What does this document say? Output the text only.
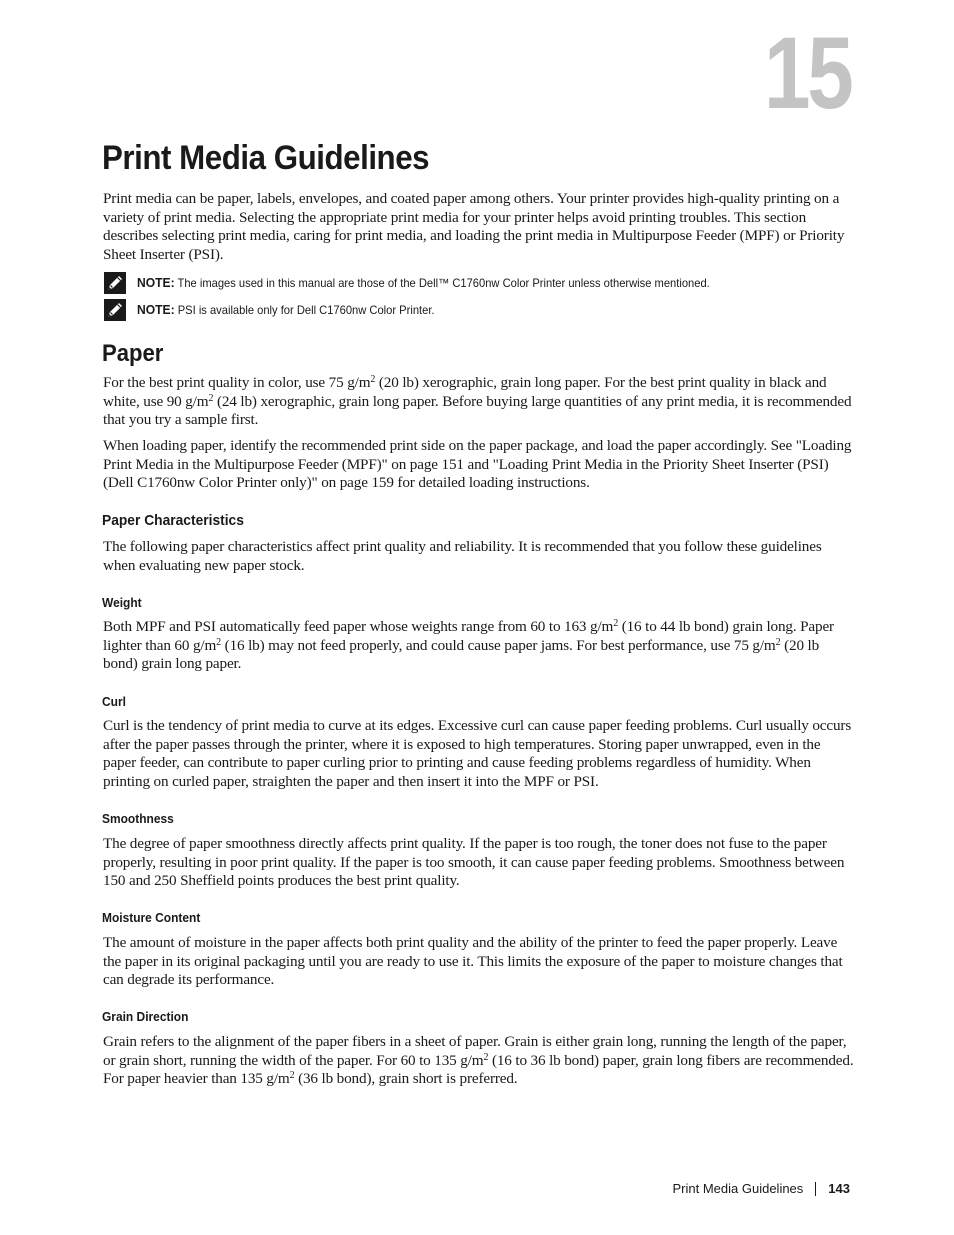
15
Print Media Guidelines

Print media can be paper, labels, envelopes, and coated paper among others. Your printer provides high-quality printing on a variety of print media. Selecting the appropriate print media for your printer helps avoid printing troubles. This section describes selecting print media, caring for print media, and loading the print media in Multipurpose Feeder (MPF) or Priority Sheet Inserter (PSI).

NOTE: The images used in this manual are those of the Dell™ C1760nw Color Printer unless otherwise mentioned.
NOTE: PSI is available only for Dell C1760nw Color Printer.
Paper

For the best print quality in color, use 75 $g/m^2$ (20 lb) xerographic, grain long paper. For the best print quality in black and white, use 90 $g/m^2$ (24 lb) xerographic, grain long paper. Before buying large quantities of any print media, it is recommended that you try a sample first.

When loading paper, identify the recommended print side on the paper package, and load the paper accordingly. See "Loading Print Media in the Multipurpose Feeder (MPF)" on page 151 and "Loading Print Media in the Priority Sheet Inserter (PSI) (Dell C1760nw Color Printer only)" on page 159 for detailed loading instructions.

Paper Characteristics

The following paper characteristics affect print quality and reliability. It is recommended that you follow these guidelines when evaluating new paper stock.

Weight

Both MPF and PSI automatically feed paper whose weights range from 60 to 163 $g/m^2$ (16 to 44 lb bond) grain long. Paper lighter than 60 $g/m^2$ (16 lb) may not feed properly, and could cause paper jams. For best performance, use 75 $g/m^2$ (20 lb bond) grain long paper.

Curl

Curl is the tendency of print media to curve at its edges. Excessive curl can cause paper feeding problems. Curl usually occurs after the paper passes through the printer, where it is exposed to high temperatures. Storing paper unwrapped, even in the paper feeder, can contribute to paper curling prior to printing and cause feeding problems regardless of humidity. When printing on curled paper, straighten the paper and then insert it into the MPF or PSI.

Smoothness

The degree of paper smoothness directly affects print quality. If the paper is too rough, the toner does not fuse to the paper properly, resulting in poor print quality. If the paper is too smooth, it can cause paper feeding problems. Smoothness between 150 and 250 Sheffield points produces the best print quality.

Moisture Content

The amount of moisture in the paper affects both print quality and the ability of the printer to feed the paper properly. Leave the paper in its original packaging until you are ready to use it. This limits the exposure of the paper to moisture changes that can degrade its performance.

Grain Direction

Grain refers to the alignment of the paper fibers in a sheet of paper. Grain is either grain long, running the length of the paper, or grain short, running the width of the paper. For 60 to 135 $g/m^2$ (16 to 36 lb bond) paper, grain long fibers are recommended. For paper heavier than 135 $g/m^2$ (36 lb bond), grain short is preferred.

Print Media Guidelines 143
